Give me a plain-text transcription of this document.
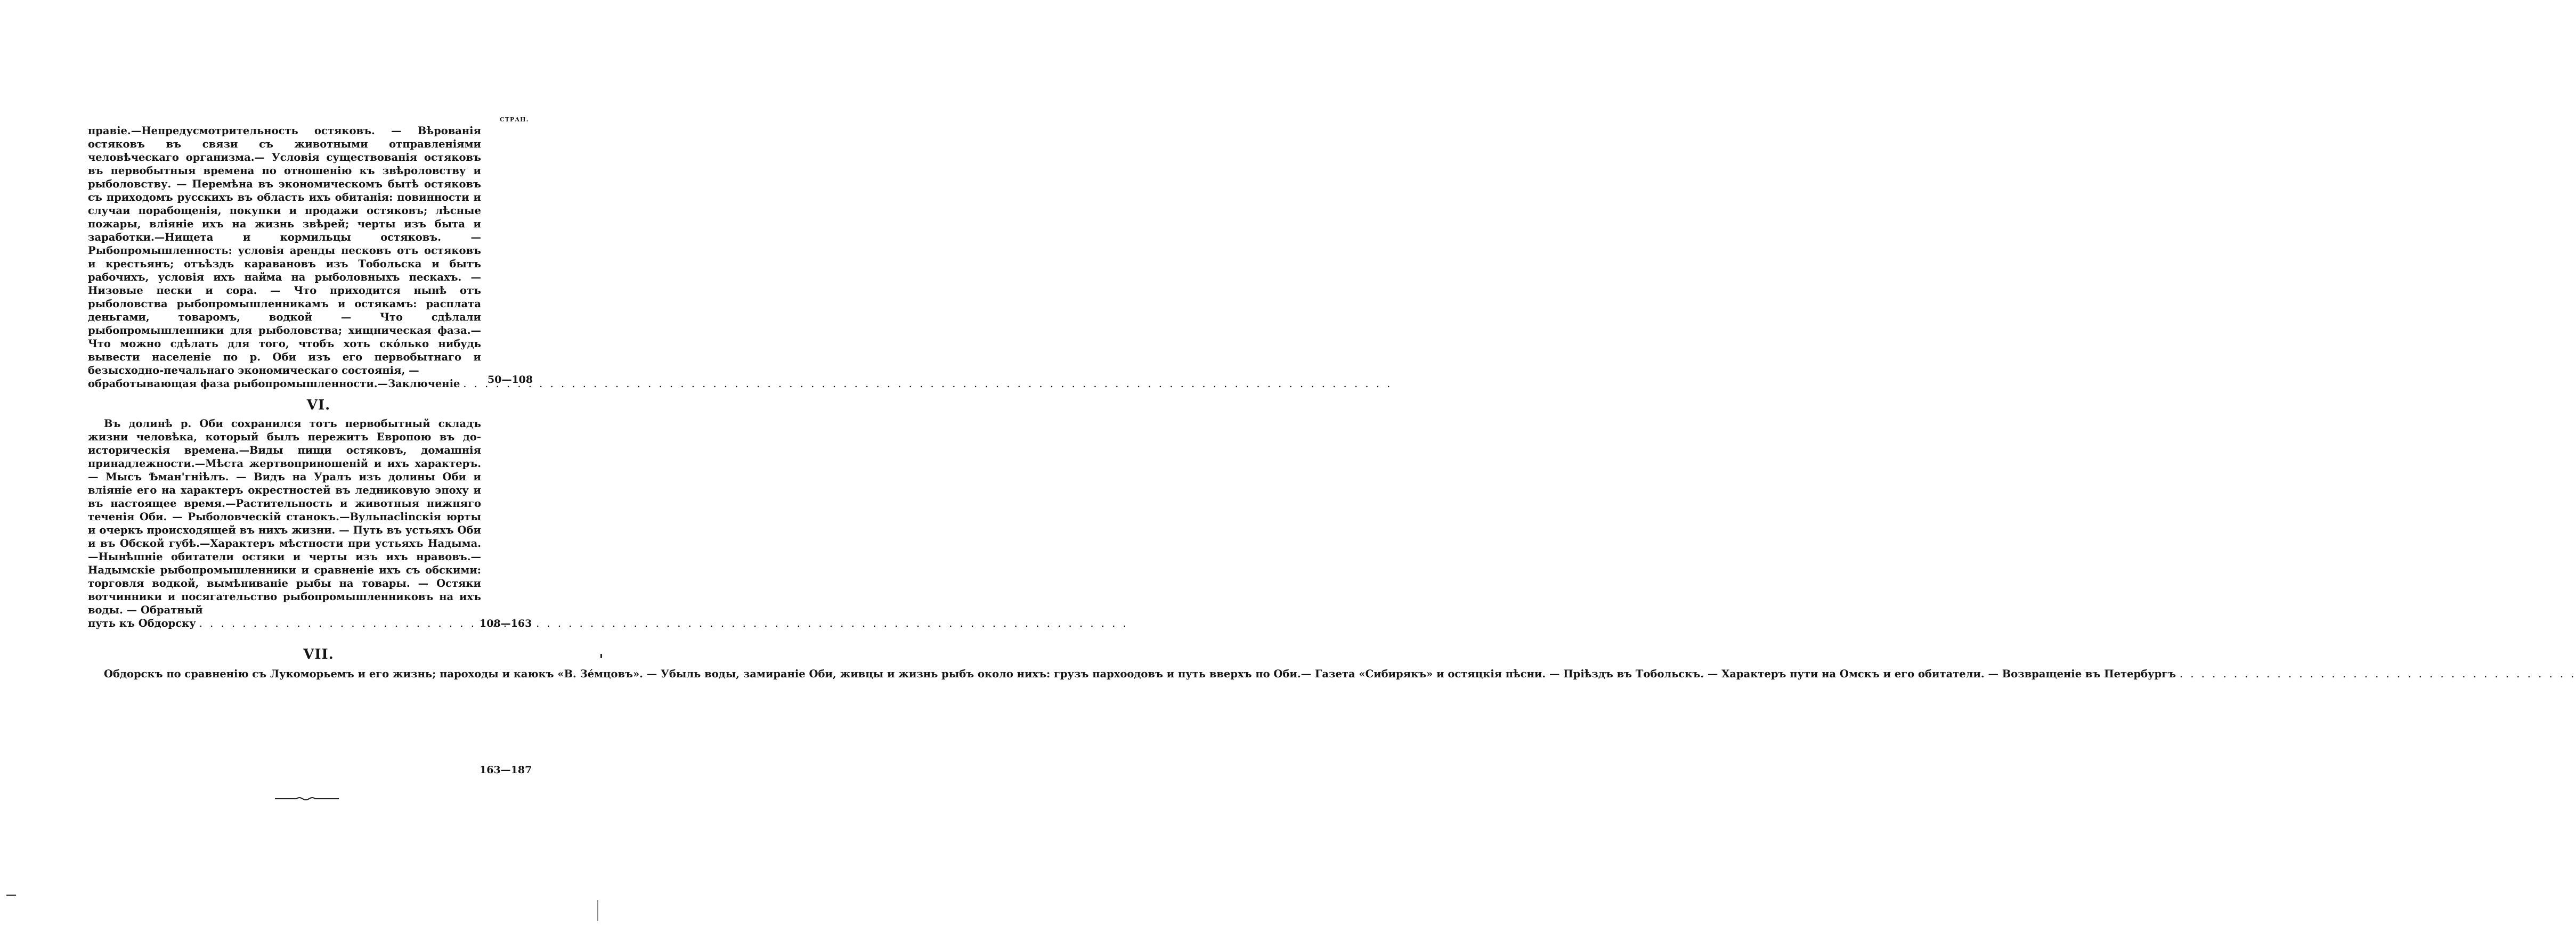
СТРАН.
правіе.—Непредусмотрительность остяковъ. — Вѣрованія остяковъ въ связи съ животными отправленіями человѣческаго организма.— Условія существованія остяковъ въ первобытныя времена по отношенію къ звѣроловству и рыболовству. — Перемѣна въ экономическомъ бытѣ остяковъ съ приходомъ русскихъ въ область ихъ обитанія: повинности и случаи порабощенія, покупки и продажи остяковъ; лѣсные пожары, вліяніе ихъ на жизнь звѣрей; черты изъ быта и заработки.—Нищета и кормильцы остяковъ. — Рыбопромышленность: условія аренды песковъ отъ остяковъ и крестьянъ; отъѣздъ каравановъ изъ Тобольска и бытъ рабочихъ, условія ихъ найма на рыболовныхъ пескахъ. — Низовые пески и сора. — Что приходится нынѣ отъ рыболовства рыбопромышленникамъ и остякамъ: расплата деньгами, товаромъ, водкой — Что сдѣлали рыбопромышленники для рыболовства; хищническая фаза.—Что можно сдѣлать для того, чтобъ хоть ско́лько нибудь вывести населеніе по р. Оби изъ его первобытнаго и безысходно-печальнаго экономическаго состоянія, —
обработывающая фаза рыбопромышленности.—Заключеніе . . .	50—108
VI.
Въ долинѣ р. Оби сохранился тотъ первобытный складъ жизни человѣка, который былъ пережитъ Европою въ до-историческія времена.—Виды пищи остяковъ, домашнія принадлежности.—Мѣста жертвоприношеній и ихъ характеръ. — Мысъ Ѣман'гнiѣлъ. — Видъ на Уралъ изъ долины Оби и вліяніе его на характеръ окрестностей въ ледниковую эпоху и въ настоящее время.—Растительность и животныя нижняго теченія Оби. — Рыболовческій станокъ.—Вульпасlinскія юрты и очеркъ происходящей въ нихъ жизни. — Путь въ устьяхъ Оби и въ Обской губѣ.—Характеръ мѣстности при устьяхъ Надыма.—Нынѣшніе обитатели остяки и черты изъ ихъ нравовъ.— Надымскіе рыбопромышленники и сравненіе ихъ съ обскими: торговля водкой, вымѣниваніе рыбы на товары. — Остяки вотчинники и посягательство рыбопромышленниковъ на ихъ воды. — Обратный
путь къ Обдорску . . .	108—163
VII.
Обдорскъ по сравненію съ Лукоморьемъ и его жизнь; пароходы и каюкъ «В. Зе́мцовъ». — Убыль воды, замираніе Оби, живцы и жизнь рыбъ около нихъ: грузъ пархоодовъ и путь вверхъ по Оби.— Газета «Сибирякъ» и остяцкія пѣсни. — Пріѣздъ въ Тобольскъ. — Характеръ пути на Омскъ и его обитатели. — Возвращеніе въ Петербургъ . . . . . . . . . . . . . . . . . . . . . . . . . . . . . . . . . . . . .
163—187
